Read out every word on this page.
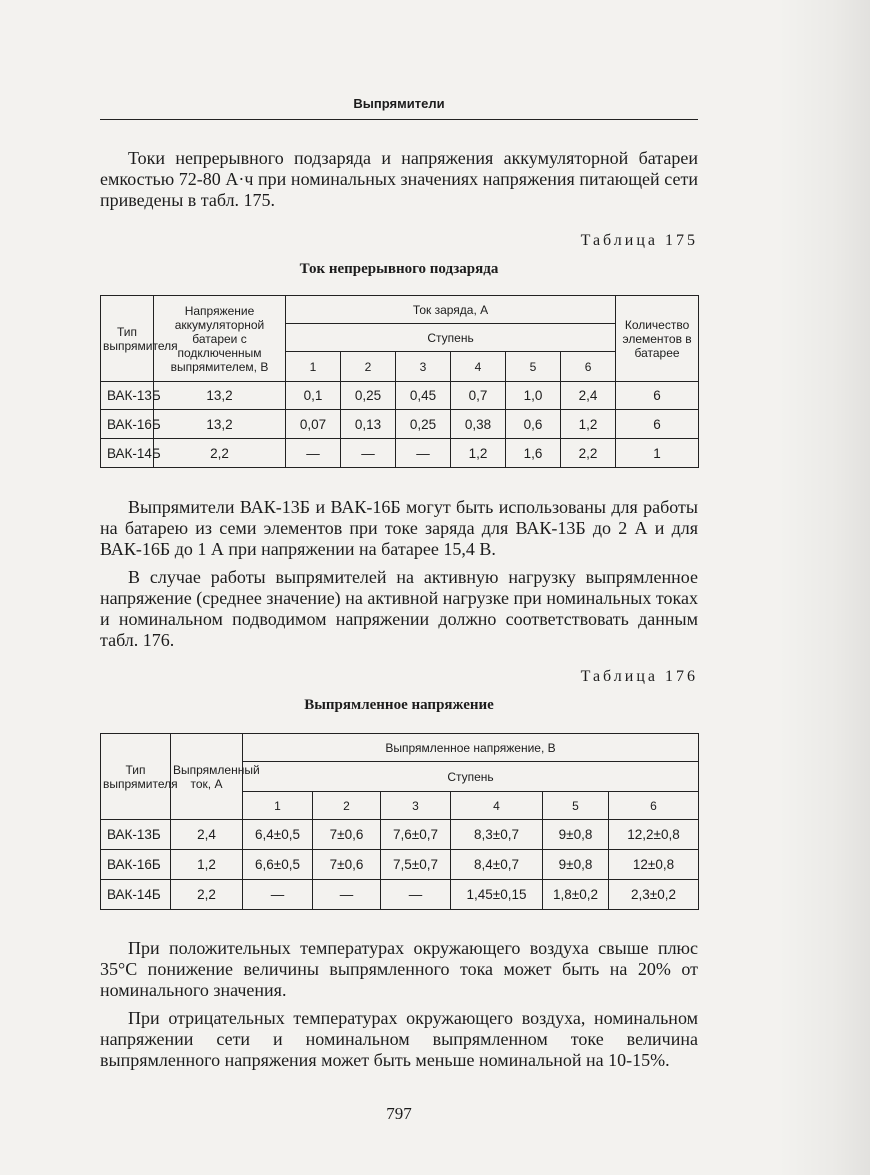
Выпрямители

Токи непрерывного подзаряда и напряжения аккумуляторной батареи емкостью 72-80 А·ч при номинальных значениях напряжения питающей сети приведены в табл. 175.

Таблица 175
Ток непрерывного подзаряда
Тип выпрямителя	Напряжение аккумуляторной батареи с подключенным выпрямителем, В	Ток заряда, А						Количество элементов в батарее
		Ступень						
		1	2	3	4	5	6	
ВАК-13Б	13,2	0,1	0,25	0,45	0,7	1,0	2,4	6
ВАК-16Б	13,2	0,07	0,13	0,25	0,38	0,6	1,2	6
ВАК-14Б	2,2	—	—	—	1,2	1,6	2,2	1

Выпрямители ВАК-13Б и ВАК-16Б могут быть использованы для работы на батарею из семи элементов при токе заряда для ВАК-13Б до 2 А и для ВАК-16Б до 1 А при напряжении на батарее 15,4 В.

В случае работы выпрямителей на активную нагрузку выпрямленное напряжение (среднее значение) на активной нагрузке при номинальных токах и номинальном подводимом напряжении должно соответствовать данным табл. 176.

Таблица 176
Выпрямленное напряжение
Тип выпрямителя	Выпрямленный ток, А	Выпрямленное напряжение, В					
		Ступень					
		1	2	3	4	5	6
ВАК-13Б	2,4	6,4±0,5	7±0,6	7,6±0,7	8,3±0,7	9±0,8	12,2±0,8
ВАК-16Б	1,2	6,6±0,5	7±0,6	7,5±0,7	8,4±0,7	9±0,8	12±0,8
ВАК-14Б	2,2	—	—	—	1,45±0,15	1,8±0,2	2,3±0,2

При положительных температурах окружающего воздуха свыше плюс 35°С понижение величины выпрямленного тока может быть на 20% от номинального значения.

При отрицательных температурах окружающего воздуха, номинальном напряжении сети и номинальном выпрямленном токе величина выпрямленного напряжения может быть меньше номинальной на 10-15%.

797
